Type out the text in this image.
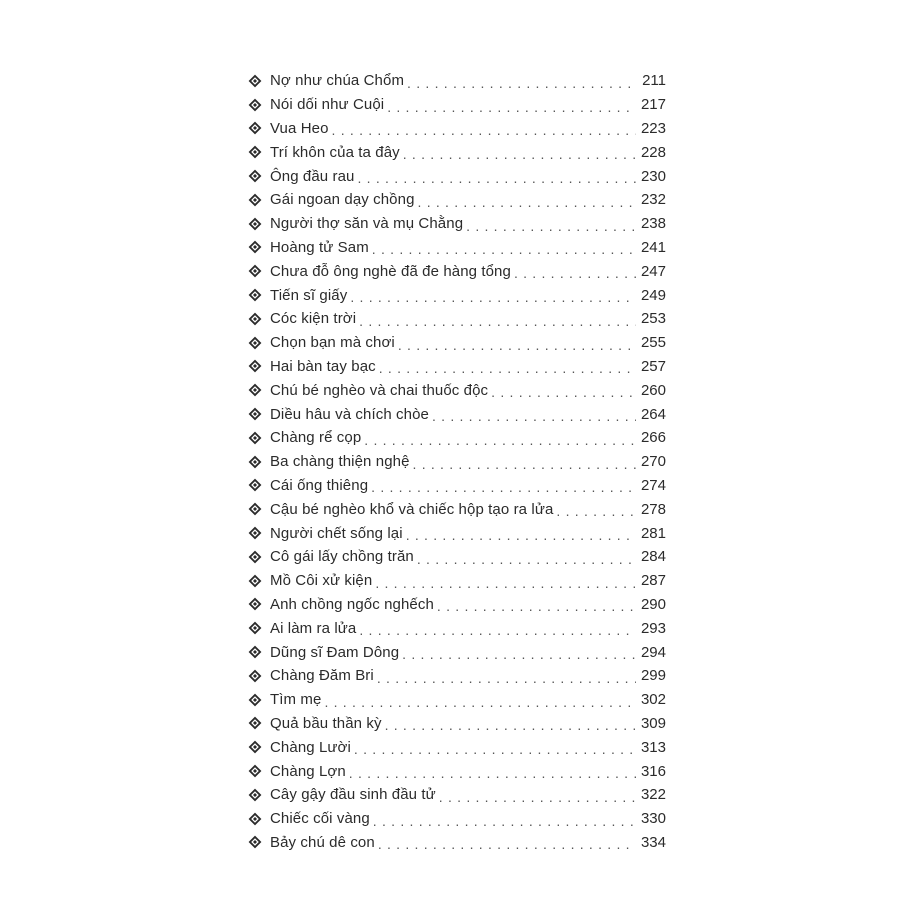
Nợ như chúa Chổm . . .	211
Nói dối như Cuội . . .	217
Vua Heo . . .	223
Trí khôn của ta đây . . .	228
Ông đầu rau . . .	230
Gái ngoan dạy chồng . . .	232
Người thợ săn và mụ Chằng . . .	238
Hoàng tử Sam . . .	241
Chưa đỗ ông nghè đã đe hàng tổng . . .	247
Tiến sĩ giấy . . .	249
Cóc kiện trời . . .	253
Chọn bạn mà chơi . . .	255
Hai bàn tay bạc . . .	257
Chú bé nghèo và chai thuốc độc . . .	260
Diều hâu và chích chòe . . .	264
Chàng rể cọp . . .	266
Ba chàng thiện nghệ . . .	270
Cái ống thiêng . . .	274
Cậu bé nghèo khổ và chiếc hộp tạo ra lửa . . .	278
Người chết sống lại . . .	281
Cô gái lấy chồng trăn . . .	284
Mồ Côi xử kiện . . .	287
Anh chồng ngốc nghếch . . .	290
Ai làm ra lửa . . .	293
Dũng sĩ Đam Dông . . .	294
Chàng Đăm Bri . . .	299
Tìm mẹ . . .	302
Quả bầu thần kỳ . . .	309
Chàng Lười . . .	313
Chàng Lợn . . .	316
Cây gậy đầu sinh đầu tử . . .	322
Chiếc cối vàng . . .	330
Bảy chú dê con . . .	334
